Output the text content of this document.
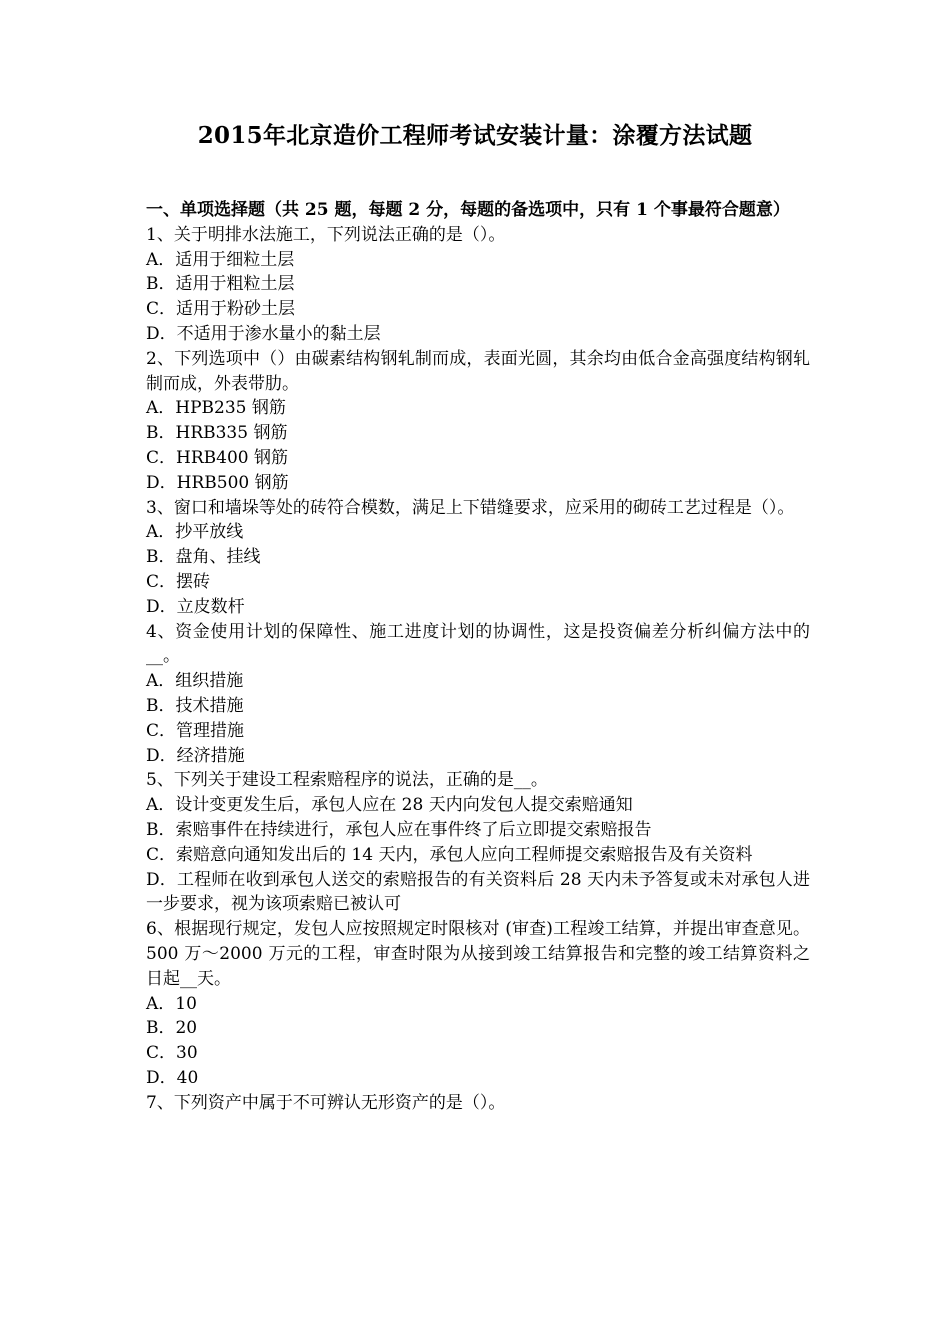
2015年北京造价工程师考试安装计量：涂覆方法试题
一、单项选择题（共 25 题，每题 2 分，每题的备选项中，只有 1 个事最符合题意）
1、关于明排水法施工，下列说法正确的是（）。
A．适用于细粒土层
B．适用于粗粒土层
C．适用于粉砂土层
D．不适用于渗水量小的黏土层
2、下列选项中（）由碳素结构钢轧制而成，表面光圆，其余均由低合金高强度结构钢轧制而成，外表带肋。
A．HPB235 钢筋
B．HRB335 钢筋
C．HRB400 钢筋
D．HRB500 钢筋
3、窗口和墙垛等处的砖符合模数，满足上下错缝要求，应采用的砌砖工艺过程是（）。
A．抄平放线
B．盘角、挂线
C．摆砖
D．立皮数杆
4、资金使用计划的保障性、施工进度计划的协调性，这是投资偏差分析纠偏方法中的__。
A．组织措施
B．技术措施
C．管理措施
D．经济措施
5、下列关于建设工程索赔程序的说法，正确的是__。
A．设计变更发生后，承包人应在 28 天内向发包人提交索赔通知
B．索赔事件在持续进行，承包人应在事件终了后立即提交索赔报告
C．索赔意向通知发出后的 14 天内，承包人应向工程师提交索赔报告及有关资料
D．工程师在收到承包人送交的索赔报告的有关资料后 28 天内未予答复或未对承包人进一步要求，视为该项索赔已被认可
6、根据现行规定，发包人应按照规定时限核对 (审查)工程竣工结算，并提出审查意见。500 万～2000 万元的工程，审查时限为从接到竣工结算报告和完整的竣工结算资料之日起__天。
A．10
B．20
C．30
D．40
7、下列资产中属于不可辨认无形资产的是（）。
